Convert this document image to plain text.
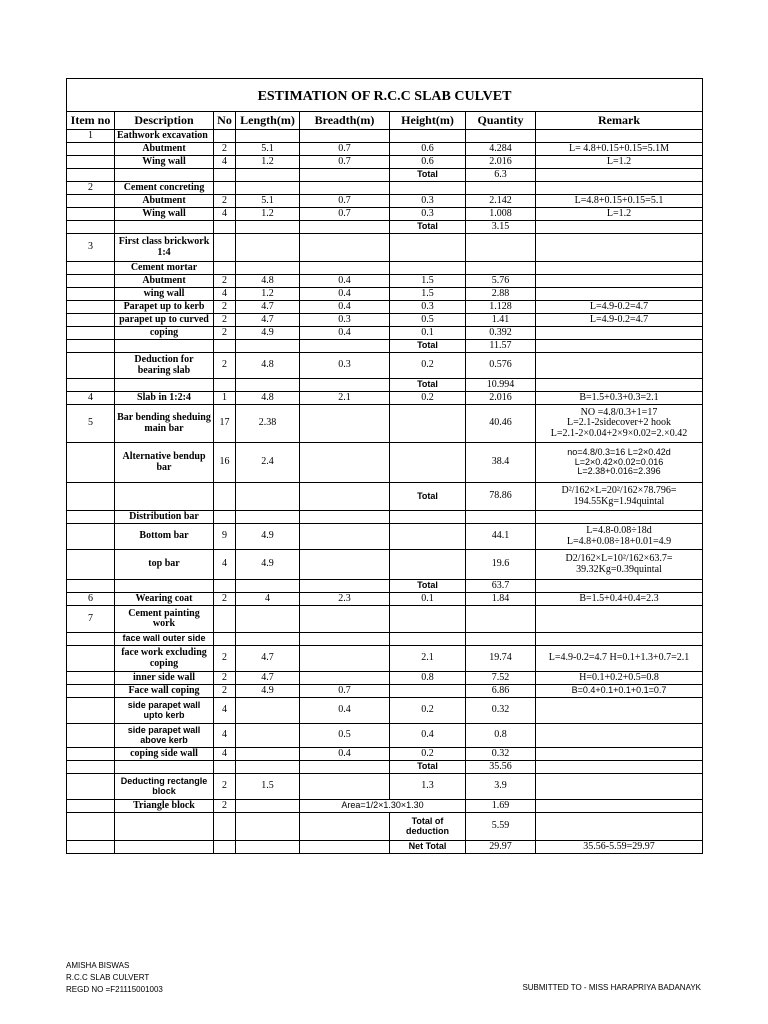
ESTIMATION OF R.C.C SLAB CULVET							
Item no	Description	No	Length(m)	Breadth(m)	Height(m)	Quantity	Remark
1	Eathwork excavation						
	Abutment	2	5.1	0.7	0.6	4.284	L= 4.8+0.15+0.15=5.1M
	Wing wall	4	1.2	0.7	0.6	2.016	L=1.2
					Total	6.3	
2	Cement concreting						
	Abutment	2	5.1	0.7	0.3	2.142	L=4.8+0.15+0.15=5.1
	Wing wall	4	1.2	0.7	0.3	1.008	L=1.2
					Total	3.15	
3	First class brickwork 1:4						
	Cement mortar						
	Abutment	2	4.8	0.4	1.5	5.76	
	wing wall	4	1.2	0.4	1.5	2.88	
	Parapet up to kerb	2	4.7	0.4	0.3	1.128	L=4.9-0.2=4.7
	parapet up to curved	2	4.7	0.3	0.5	1.41	L=4.9-0.2=4.7
	coping	2	4.9	0.4	0.1	0.392	
					Total	11.57	
	Deduction for bearing slab	2	4.8	0.3	0.2	0.576	
					Total	10.994	
4	Slab in 1:2:4	1	4.8	2.1	0.2	2.016	B=1.5+0.3+0.3=2.1
5	Bar bending sheduing main bar	17	2.38			40.46	NO =4.8/0.3+1=17
L=2.1-2sidecover+2 hook
L=2.1-2×0.04+2×9×0.02=2.×0.42
	Alternative bendup bar	16	2.4			38.4	no=4.8/0.3=16 L=2×0.42d
L=2×0.42×0.02=0.016
L=2.38+0.016=2.396
					Total	78.86	D²/162×L=20²/162×78.796=
194.55Kg=1.94quintal
	Distribution bar						
	Bottom bar	9	4.9			44.1	L=4.8-0.08÷18d
L=4.8+0.08÷18+0.01=4.9
	top bar	4	4.9			19.6	D2/162×L=10²/162×63.7=
39.32Kg=0.39quintal
					Total	63.7	
6	Wearing coat	2	4	2.3	0.1	1.84	B=1.5+0.4+0.4=2.3
7	Cement painting work						
	face wall outer side						
	face work excluding coping	2	4.7		2.1	19.74	L=4.9-0.2=4.7 H=0.1+1.3+0.7=2.1
	inner side wall	2	4.7		0.8	7.52	H=0.1+0.2+0.5=0.8
	Face wall coping	2	4.9	0.7		6.86	B=0.4+0.1+0.1+0.1=0.7
	side parapet wall upto kerb	4		0.4	0.2	0.32	
	side parapet wall above kerb	4		0.5	0.4	0.8	
	coping side wall	4		0.4	0.2	0.32	
					Total	35.56	
	Deducting rectangle block	2	1.5		1.3	3.9	
	Triangle block	2		Area=1/2×1.30×1.30		1.69	
					Total of deduction	5.59	
					Net Total	29.97	35.56-5.59=29.97
AMISHA BISWAS
R.C.C SLAB CULVERT
REGD NO =F21115001003	SUBMITTED TO - MISS HARAPRIYA BADANAYK
